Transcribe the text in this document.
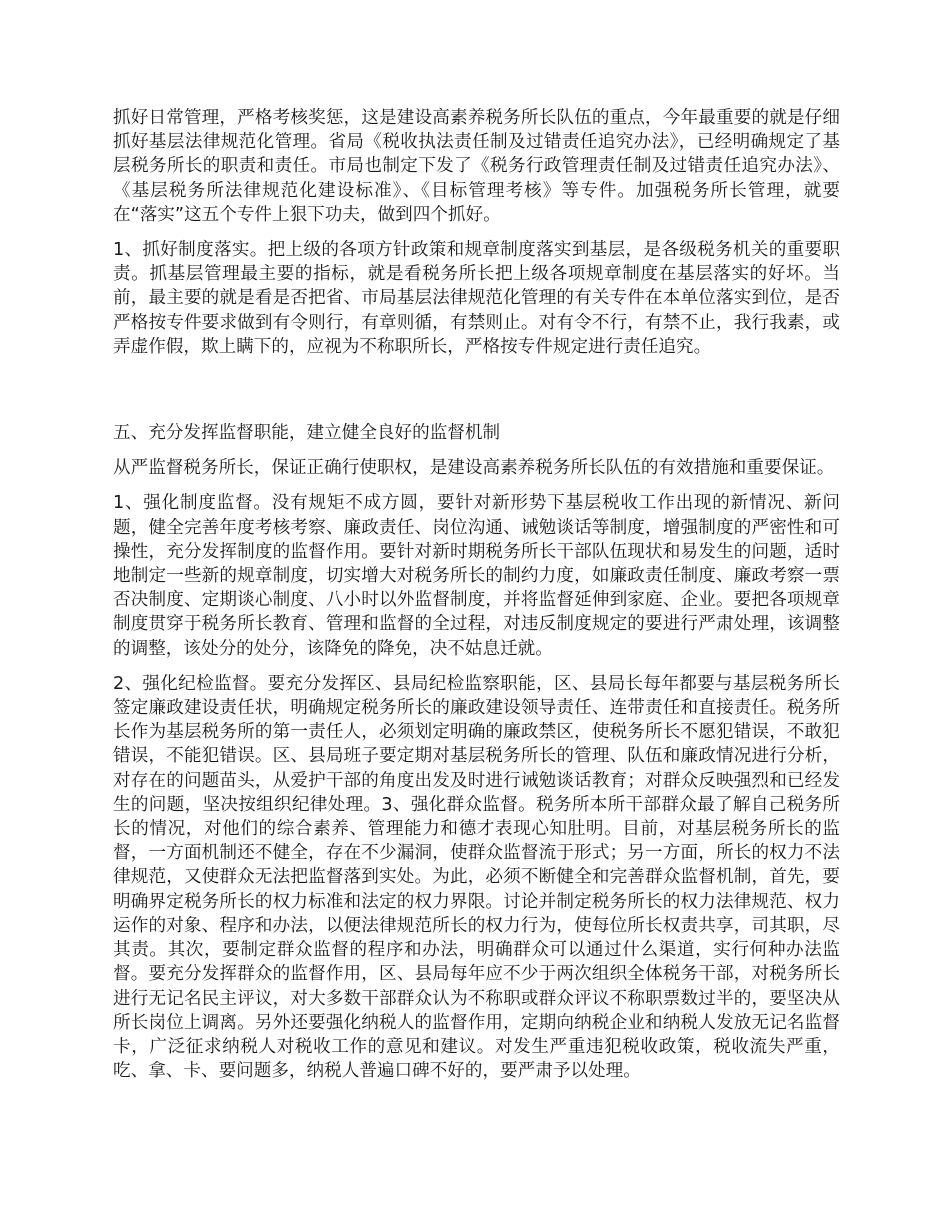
抓好日常管理，严格考核奖惩，这是建设高素养税务所长队伍的重点，今年最重要的就是仔细抓好基层法律规范化管理。省局《税收执法责任制及过错责任追究办法》，已经明确规定了基层税务所长的职责和责任。市局也制定下发了《税务行政管理责任制及过错责任追究办法》、《基层税务所法律规范化建设标准》、《目标管理考核》等专件。加强税务所长管理，就要在“落实”这五个专件上狠下功夫，做到四个抓好。

1、抓好制度落实。把上级的各项方针政策和规章制度落实到基层，是各级税务机关的重要职责。抓基层管理最主要的指标，就是看税务所长把上级各项规章制度在基层落实的好坏。当前，最主要的就是看是否把省、市局基层法律规范化管理的有关专件在本单位落实到位，是否严格按专件要求做到有令则行，有章则循，有禁则止。对有令不行，有禁不止，我行我素，或弄虚作假，欺上瞒下的，应视为不称职所长，严格按专件规定进行责任追究。

五、充分发挥监督职能，建立健全良好的监督机制

从严监督税务所长，保证正确行使职权，是建设高素养税务所长队伍的有效措施和重要保证。

1、强化制度监督。没有规矩不成方圆，要针对新形势下基层税收工作出现的新情况、新问题，健全完善年度考核考察、廉政责任、岗位沟通、诫勉谈话等制度，增强制度的严密性和可操性，充分发挥制度的监督作用。要针对新时期税务所长干部队伍现状和易发生的问题，适时地制定一些新的规章制度，切实增大对税务所长的制约力度，如廉政责任制度、廉政考察一票否决制度、定期谈心制度、八小时以外监督制度，并将监督延伸到家庭、企业。要把各项规章制度贯穿于税务所长教育、管理和监督的全过程，对违反制度规定的要进行严肃处理，该调整的调整，该处分的处分，该降免的降免，决不姑息迁就。

2、强化纪检监督。要充分发挥区、县局纪检监察职能，区、县局长每年都要与基层税务所长签定廉政建设责任状，明确规定税务所长的廉政建设领导责任、连带责任和直接责任。税务所长作为基层税务所的第一责任人，必须划定明确的廉政禁区，使税务所长不愿犯错误，不敢犯错误，不能犯错误。区、县局班子要定期对基层税务所长的管理、队伍和廉政情况进行分析，对存在的问题苗头，从爱护干部的角度出发及时进行诫勉谈话教育；对群众反映强烈和已经发生的问题，坚决按组织纪律处理。3、强化群众监督。税务所本所干部群众最了解自己税务所长的情况，对他们的综合素养、管理能力和德才表现心知肚明。目前，对基层税务所长的监督，一方面机制还不健全，存在不少漏洞，使群众监督流于形式；另一方面，所长的权力不法律规范，又使群众无法把监督落到实处。为此，必须不断健全和完善群众监督机制，首先，要明确界定税务所长的权力标准和法定的权力界限。讨论并制定税务所长的权力法律规范、权力运作的对象、程序和办法，以便法律规范所长的权力行为，使每位所长权责共享，司其职，尽其责。其次，要制定群众监督的程序和办法，明确群众可以通过什么渠道，实行何种办法监督。要充分发挥群众的监督作用，区、县局每年应不少于两次组织全体税务干部，对税务所长进行无记名民主评议，对大多数干部群众认为不称职或群众评议不称职票数过半的，要坚决从所长岗位上调离。另外还要强化纳税人的监督作用，定期向纳税企业和纳税人发放无记名监督卡，广泛征求纳税人对税收工作的意见和建议。对发生严重违犯税收政策，税收流失严重，吃、拿、卡、要问题多，纳税人普遍口碑不好的，要严肃予以处理。
